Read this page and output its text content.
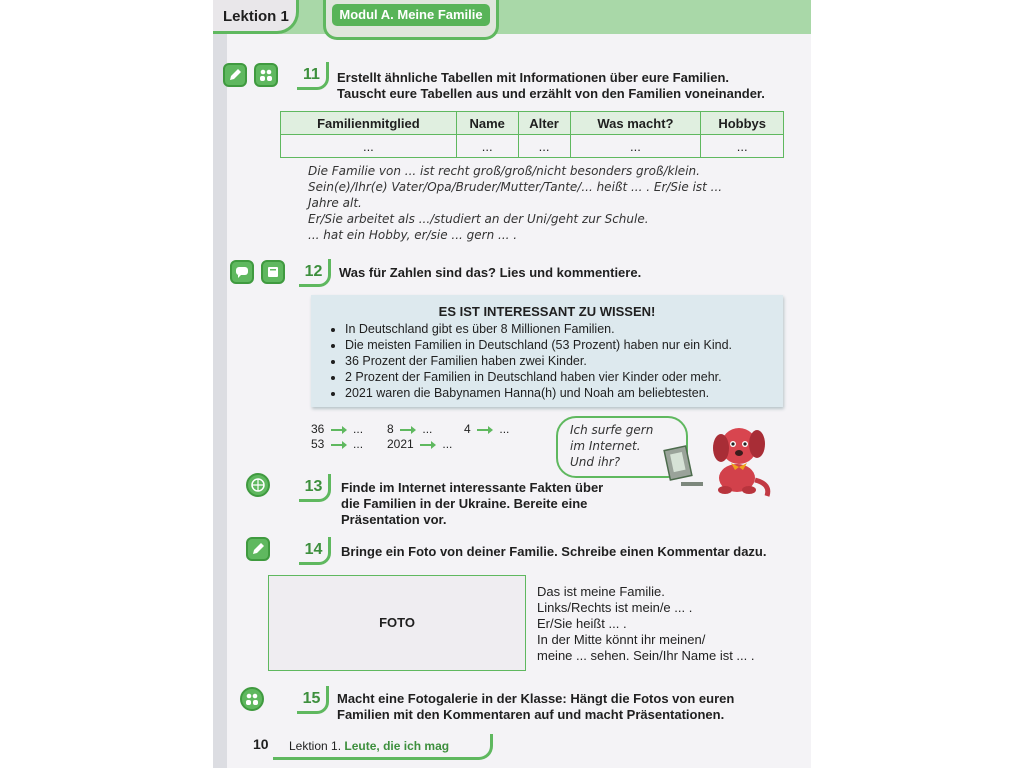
Lektion 1	Modul A. Meine Familie
11	Erstellt ähnliche Tabellen mit Informationen über eure Familien.
Tauscht eure Tabellen aus und erzählt von den Familien voneinander.
Familienmitglied	Name	Alter	Was macht?	Hobbys
...	...	...	...	...
Die Familie von ... ist recht groß/groß/nicht besonders groß/klein.
Sein(e)/Ihr(e) Vater/Opa/Bruder/Mutter/Tante/... heißt ... . Er/Sie ist ...
Jahre alt.
Er/Sie arbeitet als .../studiert an der Uni/geht zur Schule.
... hat ein Hobby, er/sie ... gern ... .
12	Was für Zahlen sind das? Lies und kommentiere.
ES IST INTERESSANT ZU WISSEN!
• In Deutschland gibt es über 8 Millionen Familien.
• Die meisten Familien in Deutschland (53 Prozent) haben nur ein Kind.
• 36 Prozent der Familien haben zwei Kinder.
• 2 Prozent der Familien in Deutschland haben vier Kinder oder mehr.
• 2021 waren die Babynamen Hanna(h) und Noah am beliebtesten.
36 ... 8 ...	4 ...
53 ... 2021 ...
Ich surfe gern
im Internet.
Und ihr?
13	Finde im Internet interessante Fakten über
die Familien in der Ukraine. Bereite eine
Präsentation vor.
14	Bringe ein Foto von deiner Familie. Schreibe einen Kommentar dazu.
FOTO
Das ist meine Familie.
Links/Rechts ist mein/e ... .
Er/Sie heißt ... .
In der Mitte könnt ihr meinen/
meine ... sehen. Sein/Ihr Name ist ... .
15	Macht eine Fotogalerie in der Klasse: Hängt die Fotos von euren
Familien mit den Kommentaren auf und macht Präsentationen.
10	Lektion 1. Leute, die ich mag
